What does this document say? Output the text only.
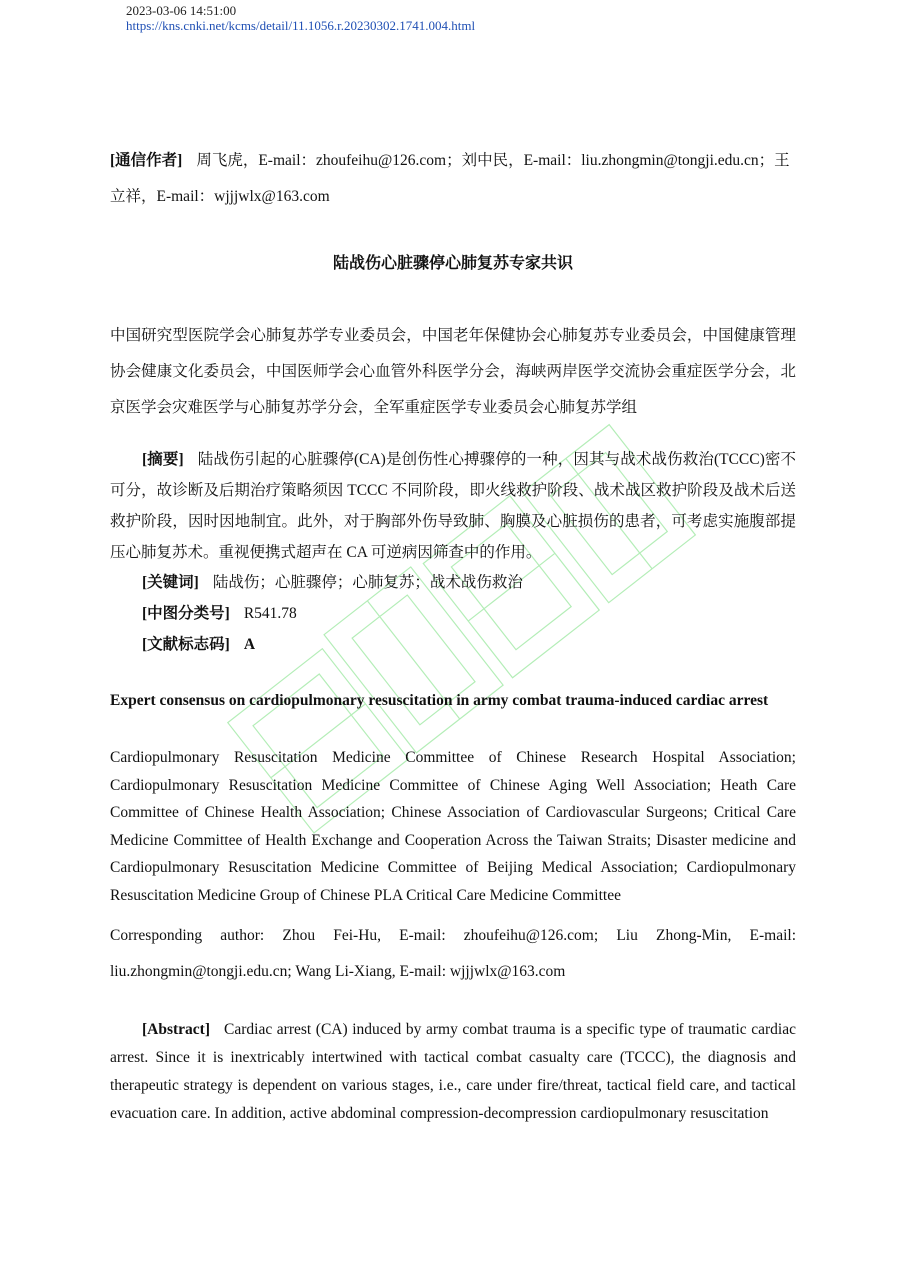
2023-03-06 14:51:00
https://kns.cnki.net/kcms/detail/11.1056.r.20230302.1741.004.html
[通信作者] 周飞虎，E-mail：zhoufeihu@126.com；刘中民，E-mail：liu.zhongmin@tongji.edu.cn；王立祥，E-mail：wjjjwlx@163.com
陆战伤心脏骤停心肺复苏专家共识
中国研究型医院学会心肺复苏学专业委员会，中国老年保健协会心肺复苏专业委员会，中国健康管理协会健康文化委员会，中国医师学会心血管外科医学分会，海峡两岸医学交流协会重症医学分会，北京医学会灾难医学与心肺复苏学分会，全军重症医学专业委员会心肺复苏学组
[摘要] 陆战伤引起的心脏骤停(CA)是创伤性心搏骤停的一种，因其与战术战伤救治(TCCC)密不可分，故诊断及后期治疗策略须因 TCCC 不同阶段，即火线救护阶段、战术战区救护阶段及战术后送救护阶段，因时因地制宜。此外，对于胸部外伤导致肺、胸膜及心脏损伤的患者，可考虑实施腹部提压心肺复苏术。重视便携式超声在 CA 可逆病因筛查中的作用。
[关键词] 陆战伤；心脏骤停；心肺复苏；战术战伤救治
[中图分类号] R541.78
[文献标志码] A
Expert consensus on cardiopulmonary resuscitation in army combat trauma-induced cardiac arrest
Cardiopulmonary Resuscitation Medicine Committee of Chinese Research Hospital Association; Cardiopulmonary Resuscitation Medicine Committee of Chinese Aging Well Association; Heath Care Committee of Chinese Health Association; Chinese Association of Cardiovascular Surgeons; Critical Care Medicine Committee of Health Exchange and Cooperation Across the Taiwan Straits; Disaster medicine and Cardiopulmonary Resuscitation Medicine Committee of Beijing Medical Association; Cardiopulmonary Resuscitation Medicine Group of Chinese PLA Critical Care Medicine Committee
Corresponding author: Zhou Fei-Hu, E-mail: zhoufeihu@126.com; Liu Zhong-Min, E-mail: liu.zhongmin@tongji.edu.cn; Wang Li-Xiang, E-mail: wjjjwlx@163.com
[Abstract] Cardiac arrest (CA) induced by army combat trauma is a specific type of traumatic cardiac arrest. Since it is inextricably intertwined with tactical combat casualty care (TCCC), the diagnosis and therapeutic strategy is dependent on various stages, i.e., care under fire/threat, tactical field care, and tactical evacuation care. In addition, active abdominal compression-decompression cardiopulmonary resuscitation
